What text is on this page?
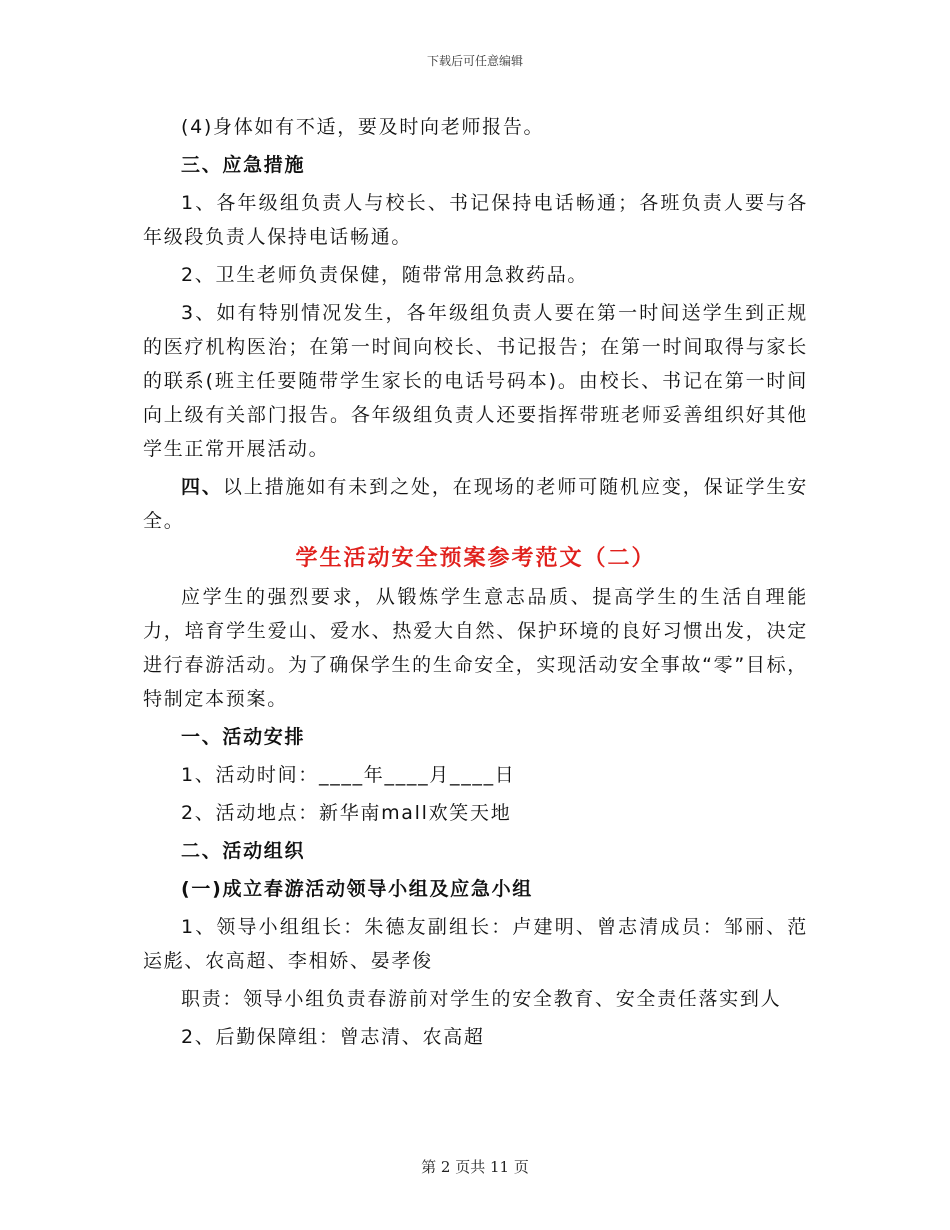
下载后可任意编辑

(4)身体如有不适，要及时向老师报告。

三、应急措施

1、各年级组负责人与校长、书记保持电话畅通；各班负责人要与各年级段负责人保持电话畅通。

2、卫生老师负责保健，随带常用急救药品。

3、如有特别情况发生，各年级组负责人要在第一时间送学生到正规的医疗机构医治；在第一时间向校长、书记报告；在第一时间取得与家长的联系(班主任要随带学生家长的电话号码本)。由校长、书记在第一时间向上级有关部门报告。各年级组负责人还要指挥带班老师妥善组织好其他学生正常开展活动。

四、以上措施如有未到之处，在现场的老师可随机应变，保证学生安全。

学生活动安全预案参考范文（二）

应学生的强烈要求，从锻炼学生意志品质、提高学生的生活自理能力，培育学生爱山、爱水、热爱大自然、保护环境的良好习惯出发，决定进行春游活动。为了确保学生的生命安全，实现活动安全事故“零”目标，特制定本预案。

一、活动安排

1、活动时间：____年____月____日

2、活动地点：新华南mall欢笑天地

二、活动组织

(一)成立春游活动领导小组及应急小组

1、领导小组组长：朱德友副组长：卢建明、曾志清成员：邹丽、范运彪、农高超、李相娇、晏孝俊

职责：领导小组负责春游前对学生的安全教育、安全责任落实到人

2、后勤保障组：曾志清、农高超

第 2 页共 11 页
